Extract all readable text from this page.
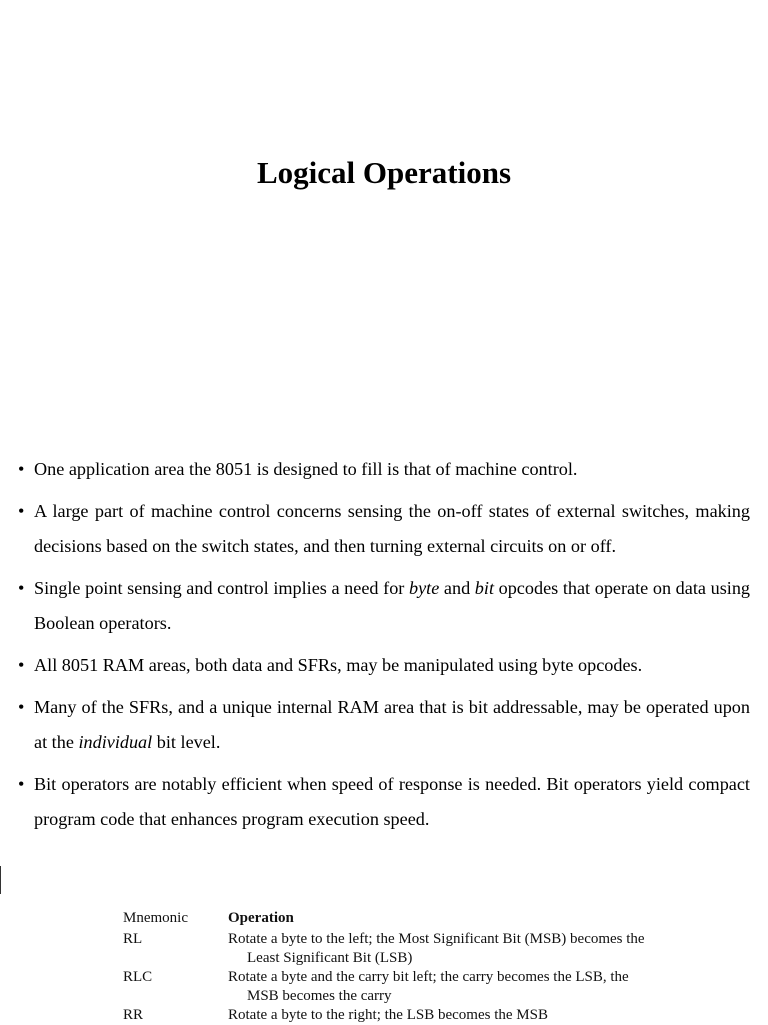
Logical Operations
• One application area the 8051 is designed to fill is that of machine control.
• A large part of machine control concerns sensing the on-off states of external switches, making decisions based on the switch states, and then turning external circuits on or off.
• Single point sensing and control implies a need for byte and bit opcodes that operate on data using Boolean operators.
• All 8051 RAM areas, both data and SFRs, may be manipulated using byte opcodes.
• Many of the SFRs, and a unique internal RAM area that is bit addressable, may be operated upon at the individual bit level.
• Bit operators are notably efficient when speed of response is needed. Bit operators yield compact program code that enhances program execution speed.
Mnemonic	Operation
RL	Rotate a byte to the left; the Most Significant Bit (MSB) becomes the
Least Significant Bit (LSB)
RLC	Rotate a byte and the carry bit left; the carry becomes the LSB, the
MSB becomes the carry
RR	Rotate a byte to the right; the LSB becomes the MSB
